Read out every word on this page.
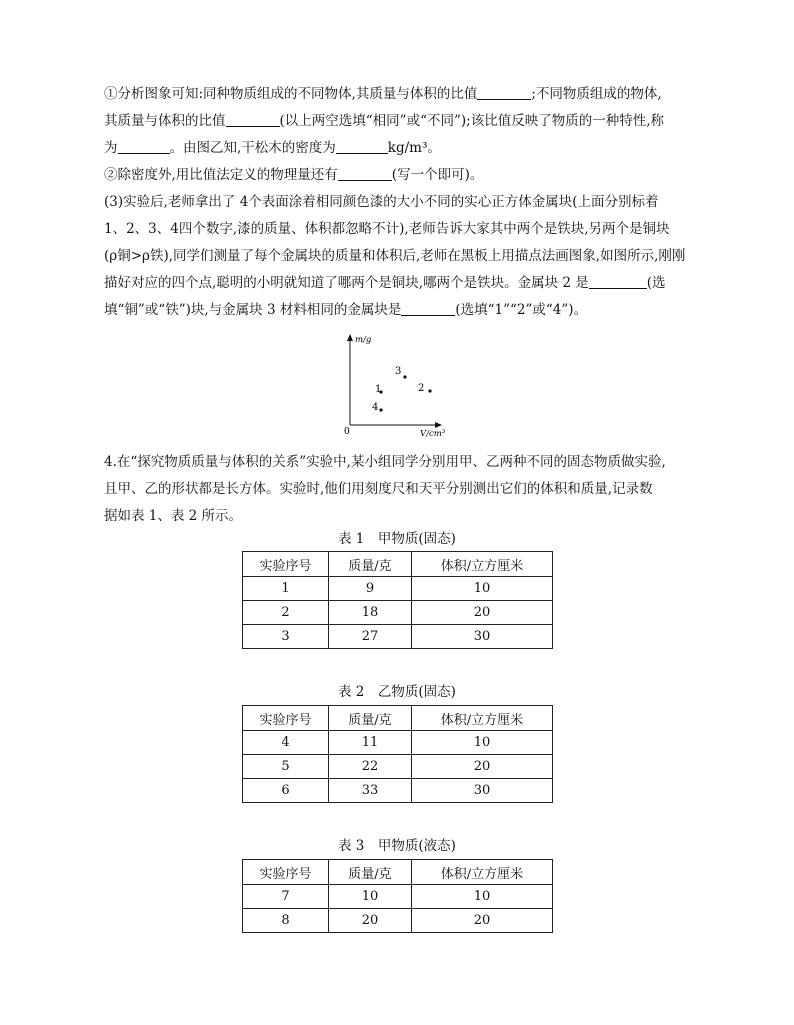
①分析图象可知:同种物质组成的不同物体,其质量与体积的比值	;不同物质组成的物体,
其质量与体积的比值	(以上两空选填“相同”或“不同”);该比值反映了物质的一种特性,称
为	。由图乙知,干松木的密度为	kg/m³。
②除密度外,用比值法定义的物理量还有	(写一个即可)。
(3)实验后,老师拿出了 4个表面涂着相同颜色漆的大小不同的实心正方体金属块(上面分别标着
1、2、3、4四个数字,漆的质量、体积都忽略不计),老师告诉大家其中两个是铁块,另两个是铜块
(ρ铜>ρ铁),同学们测量了每个金属块的质量和体积后,老师在黑板上用描点法画图象,如图所示,刚刚
描好对应的四个点,聪明的小明就知道了哪两个是铜块,哪两个是铁块。金属块 2 是	(选
填“铜”或“铁”)块,与金属块 3 材料相同的金属块是	(选填“1”“2”或“4”)。
m/g
V/cm³
0
1	2
3
4
4.在“探究物质质量与体积的关系”实验中,某小组同学分别用甲、乙两种不同的固态物质做实验,
且甲、乙的形状都是长方体。实验时,他们用刻度尺和天平分别测出它们的体积和质量,记录数
据如表 1、表 2 所示。
表 1　甲物质(固态)
实验序号	质量/克	体积/立方厘米
1	9	10
2	18	20
3	27	30
表 2　乙物质(固态)
实验序号	质量/克	体积/立方厘米
4	11	10
5	22	20
6	33	30
表 3　甲物质(液态)
实验序号	质量/克	体积/立方厘米
7	10	10
8	20	20
